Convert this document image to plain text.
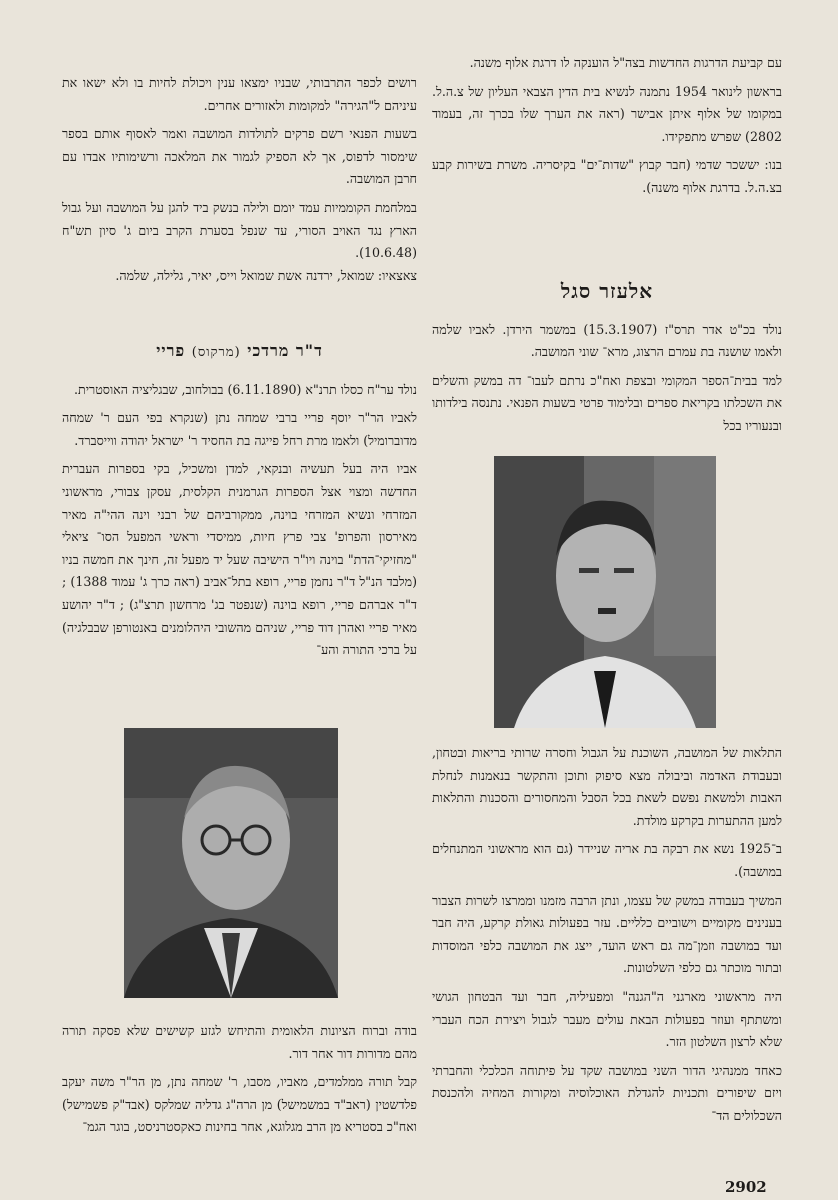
עם קביעת הדרגות החדשות בצה"ל הוענקה לו דרגת אלוף משנה.

בראשון לינואר 1954 נתמנה לנשיא בית הדין הצבאי העליון של צ.ה.ל. במקומו של אלוף איתן אבישר (ראה את הערך שלו בכרך זה, בעמוד 2802) שפרש מתפקידו.

בנו: יששכר שדמי (חבר קבוץ "שדות־ים" בקיסריה. משרת בשירות קבע בצ.ה.ל. בדרגת אלוף משנה).

אלעזר סגל

נולד בכ"ט אדר תרס"ז (15.3.1907) במשמר הירדן. לאביו שלמה ולאמו שושנה בת עמרם הרצוג, מרא־ שוני המושבה.

למד בבית־הספר המקומי ובצפת ואח"כ נרתם לעבו־ דה במשק והשלים את השכלתו בקריאת ספרים ובלימוד פרטי בשעות הפנאי. נתנסה בילדותו ובנעוריו בכל

התלאות של המושבה, השוכנת על הגבול וחסרה שרותי בריאות ובטחון, ובעבודת האדמה וביבולה מצא סיפוק ותוכן והתקשר בנאמנות לנחלת האבות ולמשאת נפשם לשאת בכל הסבל והמחסורים והסכנות והתלאות למען ההתערות בקרקע מולדת.

ב־1925 נשא את רבקה בת אריה שניידר (גם הוא מראשוני המתנחלים במושבה).

המשיך בעבודה במשק של עצמו, ונתן הרבה מזמנו וממרצו לשרות הצבור בענינים מקומיים וישוביים כלליים. עזר בפעולות גאולת קרקע, היה חבר ועד במושבה וזמן־מה גם ראש הועד, ייצג את המושבה כלפי המוסדות ובתור מוכתר גם כלפי השלטונות.

היה מראשוני מארגני ה"הגנה" ומפעיליה, חבר ועד הבטחון הגושי ומשתתף ועוזר בפעולות הבאת עולים מעבר לגבול ויצירת הכח העברי שלא לרצון השלטון הזר.

כאחד ממנהיגי הדור השני במושבה שקד על פיתוחה הכלכלי והחברתי ויזם שיפורים ותכניות להגדלת האוכלוסיה ומקורות המחיה ולהכנסת השכלולים הד־

רושים לכפר התרבותי, שבניו ימצאו ענין ויכולת לחיות בו ולא ישאו את עיניהם ל"הגירה" למקומות ולאזורים אחרים.

בשעות הפנאי רשם פרקים לתולדות המושבה ואמר לאסוף אותם בספר שימסור לדפוס, אך לא הספיק לגמור את המלאכה ורשימותיו אבדו עם חרבן המושבה.

במלחמת הקוממיות עמד יומם ולילה בנשק ביד להגן על המושבה ועל גבול הארץ נגד האויב הסורי, עד שנפל בסערת הקרב ביום ג' סיון תש"ח (10.6.48).

צאצאיו: שמואל, ירדנה אשת שמואל וייס, יאיר, גלילה, שלמה.

ד"ר מרדכי (מרקוס) פריי

נולד ער"ח כסלו תרנ"א (6.11.1890) בבולחוב, שבגליציה האוסטרית.

לאביו הר"ר יוסף פריי ברבי שמחה נתן (שנקרא בפי העם ר' שמחה מדוברומיל) ולאמו מרת רחל פייגה בת החסיד ר' ישראל יהודה ווייסברד.

אביו היה בעל תעשיה ובנקאי, למדן ומשכיל, בקי בספרות העברית החדשה ומצוי אצל הספרות הגרמנית הקלסית, עסקן צבורי, מראשוני המזרחי ונשיא המזרחי בוינה, ממקורביהם של רבני וינה ההי"ה מאיר מאירסון והפרופ' צבי פרץ חיות, ממיסדי וראשי המפעל הסו־ ציאלי "מחזיקי־הדת" בוינה ויו"ר הישיבה שעל יד מפעל זה, חינך את חמשה בניו (מלבד הנ"ל ד"ר נחמן פריי, רופא בתל־אביב (ראה כרך ג' עמוד 1388) ; ד"ר אברהם פריי, רופא בוינה (שנפטר בג' מרחשון תרצ"ג) ; ד"ר יהושע מאיר פריי ואהרן דוד פריי, שניהם מהשובי היהלומנים באנטורפן שבבלגיה) על ברכי התורה והע־

בודה וברוח הציונות הלאומית והתיחש לגזע קשישים שלא פסקה תורה מהם מדורות דור אחר דור.

קבל תורה ממלמדים, מאביו, מסבו, ר' שמחה נתן, מן הר"ר משה יעקב פלדשטין (ראב"ד במשמישל) מן הרה"ג גדליה שמלקס (אבד"ק פשמישל) ואח"כ בסטריא מן הרב מגלוגא, אחר בחינות כאקסטרניסט, בוגר הגמ־

2902
